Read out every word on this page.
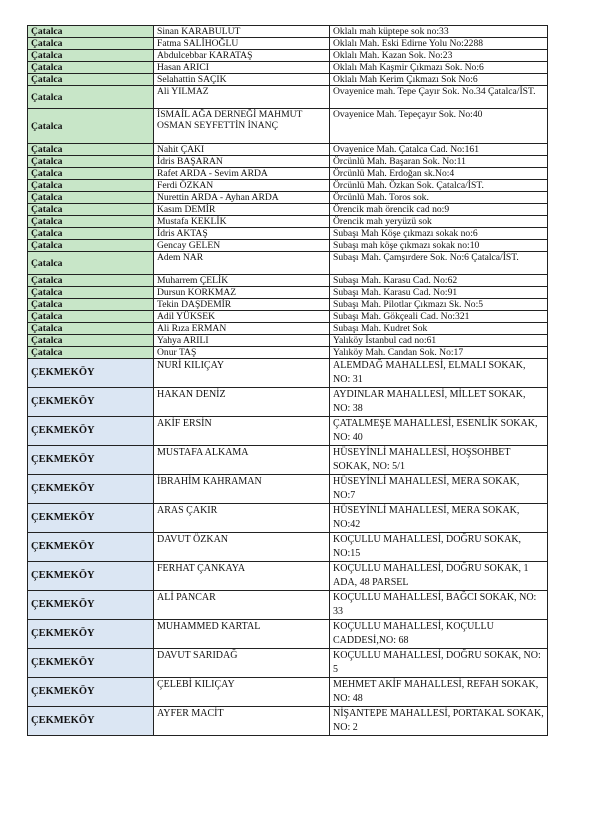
Çatalca	Sinan KARABULUT	Oklalı mah küptepe sok no:33
Çatalca	Fatma SALİHOĞLU	Oklalı Mah. Eski Edirne Yolu No:2288
Çatalca	Abdulcebbar KARATAŞ	Oklalı Mah. Kazan Sok. No:23
Çatalca	Hasan ARICI	Oklalı Mah Kaşmir Çıkmazı Sok. No:6
Çatalca	Selahattin SAÇIK	Oklalı Mah Kerim Çıkmazı Sok No:6
Çatalca	Ali YILMAZ	Ovayenice mah. Tepe Çayır Sok. No.34 Çatalca/İST.
Çatalca	İSMAİL AĞA DERNEĞİ MAHMUT OSMAN SEYFETTİN İNANÇ	Ovayenice Mah. Tepeçayır Sok. No:40
Çatalca	Nahit ÇAKI	Ovayenice Mah. Çatalca Cad. No:161
Çatalca	İdris BAŞARAN	Örcünlü Mah. Başaran Sok. No:11
Çatalca	Rafet ARDA - Sevim ARDA	Örcünlü Mah. Erdoğan sk.No:4
Çatalca	Ferdi ÖZKAN	Örcünlü Mah. Özkan Sok. Çatalca/İST.
Çatalca	Nurettin ARDA - Ayhan ARDA	Örcünlü Mah. Toros sok.
Çatalca	Kasım DEMİR	Örencik mah örencik cad no:9
Çatalca	Mustafa KEKLİK	Örencik mah yeryüzü sok
Çatalca	İdris AKTAŞ	Subaşı Mah Köşe çıkmazı sokak no:6
Çatalca	Gencay GELEN	Subaşı mah köşe çıkmazı sokak no:10
Çatalca	Adem NAR	Subaşı Mah. Çamşırdere Sok. No:6 Çatalca/İST.
Çatalca	Muharrem ÇELİK	Subaşı Mah. Karasu Cad. No:62
Çatalca	Dursun KORKMAZ	Subaşı Mah. Karasu Cad. No:91
Çatalca	Tekin DAŞDEMİR	Subaşı Mah. Pilotlar Çıkmazı Sk. No:5
Çatalca	Adil YÜKSEK	Subaşı Mah. Gökçeali Cad. No:321
Çatalca	Ali Rıza ERMAN	Subaşı Mah. Kudret Sok
Çatalca	Yahya ARILI	Yalıköy İstanbul cad no:61
Çatalca	Onur TAŞ	Yalıköy Mah. Candan Sok. No:17
ÇEKMEKÖY	NURİ KILIÇAY	ALEMDAĞ MAHALLESİ, ELMALI SOKAK, NO: 31
ÇEKMEKÖY	HAKAN DENİZ	AYDINLAR MAHALLESİ, MİLLET SOKAK, NO: 38
ÇEKMEKÖY	AKİF ERSİN	ÇATALMEŞE MAHALLESİ, ESENLİK SOKAK, NO: 40
ÇEKMEKÖY	MUSTAFA ALKAMA	HÜSEYİNLİ MAHALLESİ, HOŞSOHBET SOKAK, NO: 5/1
ÇEKMEKÖY	İBRAHİM KAHRAMAN	HÜSEYİNLİ MAHALLESİ, MERA SOKAK, NO:7
ÇEKMEKÖY	ARAS ÇAKIR	HÜSEYİNLİ MAHALLESİ, MERA SOKAK, NO:42
ÇEKMEKÖY	DAVUT ÖZKAN	KOÇULLU MAHALLESİ, DOĞRU SOKAK, NO:15
ÇEKMEKÖY	FERHAT ÇANKAYA	KOÇULLU MAHALLESİ, DOĞRU SOKAK, 1 ADA, 48 PARSEL
ÇEKMEKÖY	ALİ PANCAR	KOÇULLU MAHALLESİ, BAĞCI SOKAK, NO: 33
ÇEKMEKÖY	MUHAMMED KARTAL	KOÇULLU MAHALLESİ, KOÇULLU CADDESİ,NO: 68
ÇEKMEKÖY	DAVUT SARIDAĞ	KOÇULLU MAHALLESİ, DOĞRU SOKAK, NO: 5
ÇEKMEKÖY	ÇELEBİ KILIÇAY	MEHMET AKİF MAHALLESİ, REFAH SOKAK, NO: 48
ÇEKMEKÖY	AYFER MACİT	NİŞANTEPE MAHALLESİ, PORTAKAL SOKAK, NO: 2
